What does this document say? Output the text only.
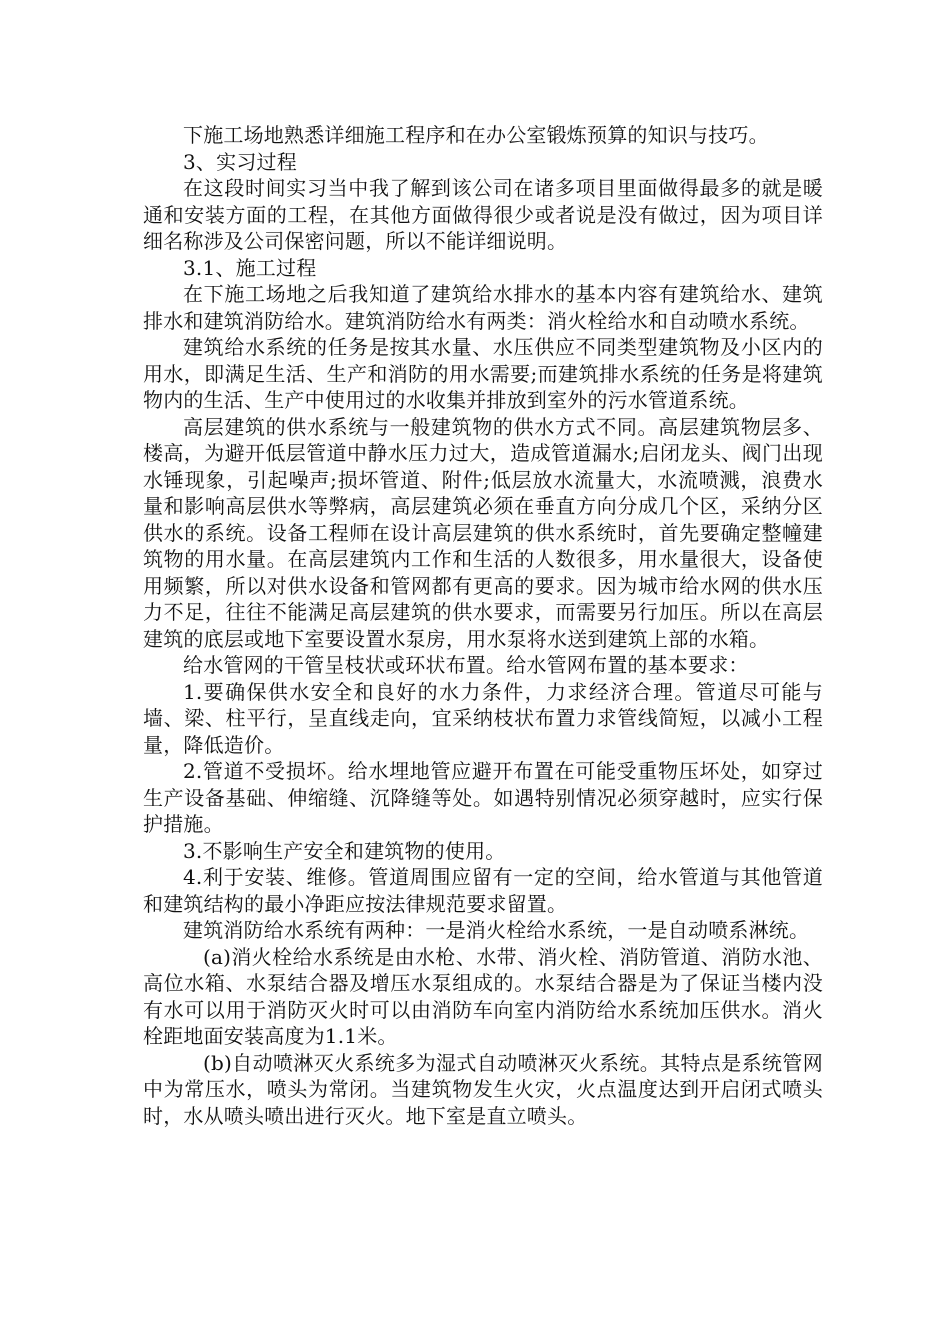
下施工场地熟悉详细施工程序和在办公室锻炼预算的知识与技巧。

3、实习过程

在这段时间实习当中我了解到该公司在诸多项目里面做得最多的就是暖通和安装方面的工程，在其他方面做得很少或者说是没有做过，因为项目详细名称涉及公司保密问题，所以不能详细说明。

3.1、施工过程

在下施工场地之后我知道了建筑给水排水的基本内容有建筑给水、建筑排水和建筑消防给水。建筑消防给水有两类：消火栓给水和自动喷水系统。

建筑给水系统的任务是按其水量、水压供应不同类型建筑物及小区内的用水，即满足生活、生产和消防的用水需要;而建筑排水系统的任务是将建筑物内的生活、生产中使用过的水收集并排放到室外的污水管道系统。

高层建筑的供水系统与一般建筑物的供水方式不同。高层建筑物层多、楼高，为避开低层管道中静水压力过大，造成管道漏水;启闭龙头、阀门出现水锤现象，引起噪声;损坏管道、附件;低层放水流量大，水流喷溅，浪费水量和影响高层供水等弊病，高层建筑必须在垂直方向分成几个区，采纳分区供水的系统。设备工程师在设计高层建筑的供水系统时，首先要确定整幢建筑物的用水量。在高层建筑内工作和生活的人数很多，用水量很大，设备使用频繁，所以对供水设备和管网都有更高的要求。因为城市给水网的供水压力不足，往往不能满足高层建筑的供水要求，而需要另行加压。所以在高层建筑的底层或地下室要设置水泵房，用水泵将水送到建筑上部的水箱。

给水管网的干管呈枝状或环状布置。给水管网布置的基本要求：

1.要确保供水安全和良好的水力条件，力求经济合理。管道尽可能与墙、梁、柱平行，呈直线走向，宜采纳枝状布置力求管线简短，以减小工程量，降低造价。

2.管道不受损坏。给水埋地管应避开布置在可能受重物压坏处，如穿过生产设备基础、伸缩缝、沉降缝等处。如遇特别情况必须穿越时，应实行保护措施。

3.不影响生产安全和建筑物的使用。

4.利于安装、维修。管道周围应留有一定的空间，给水管道与其他管道和建筑结构的最小净距应按法律规范要求留置。

建筑消防给水系统有两种：一是消火栓给水系统，一是自动喷系淋统。

(a)消火栓给水系统是由水枪、水带、消火栓、消防管道、消防水池、高位水箱、水泵结合器及增压水泵组成的。水泵结合器是为了保证当楼内没有水可以用于消防灭火时可以由消防车向室内消防给水系统加压供水。消火栓距地面安装高度为1.1米。

(b)自动喷淋灭火系统多为湿式自动喷淋灭火系统。其特点是系统管网中为常压水，喷头为常闭。当建筑物发生火灾，火点温度达到开启闭式喷头时，水从喷头喷出进行灭火。地下室是直立喷头。
